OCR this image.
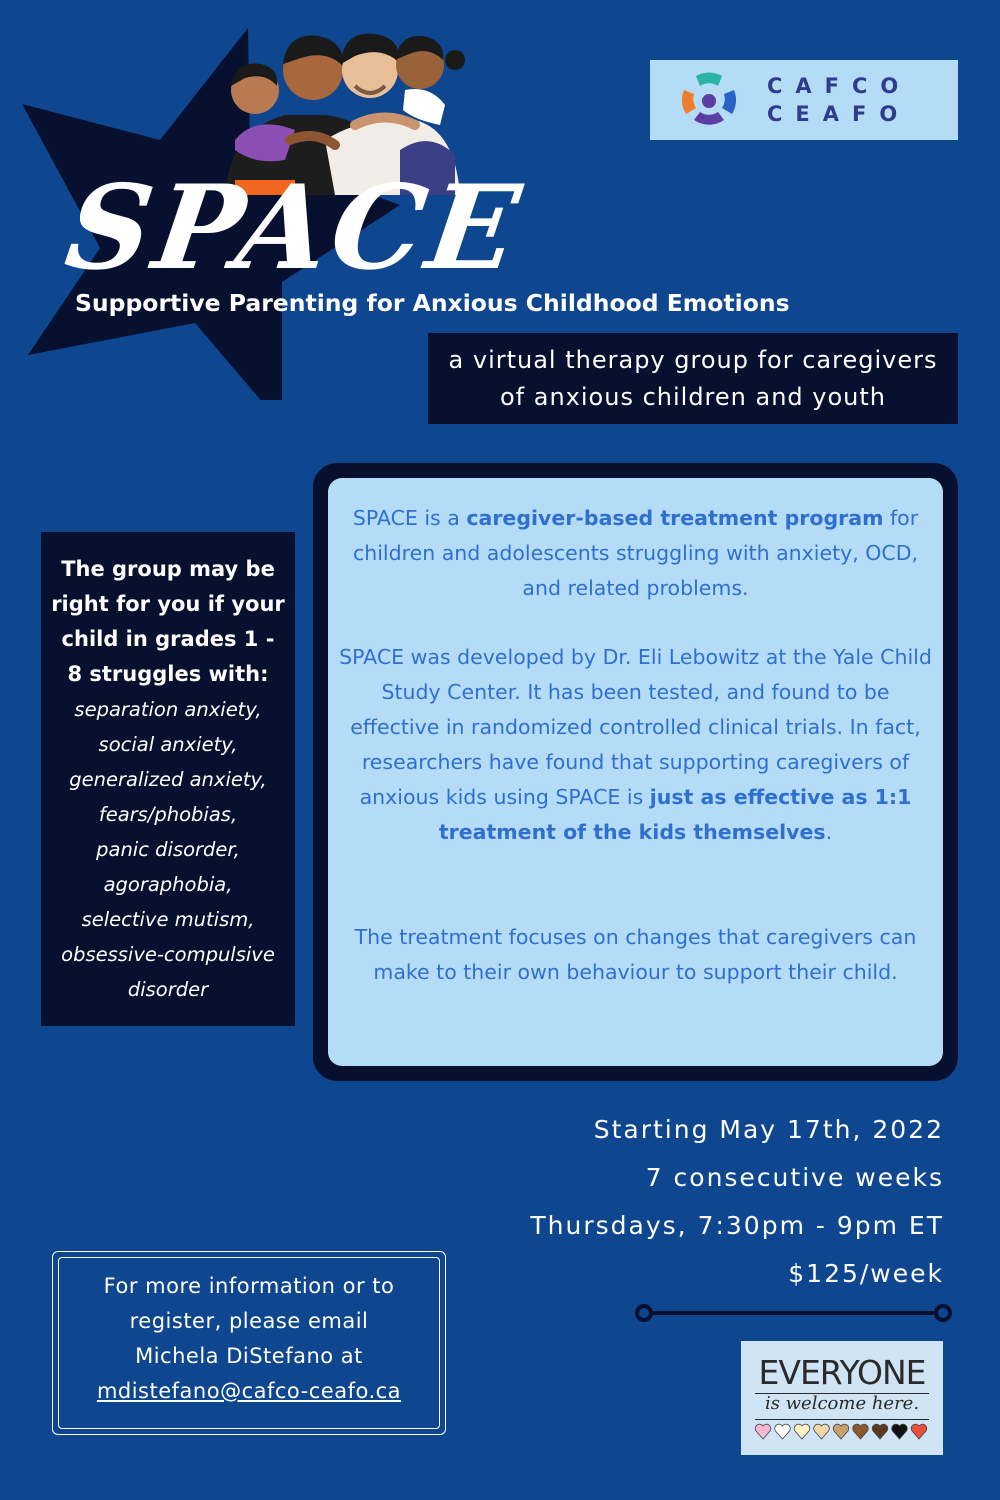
CAFCO
CEAFO
SPACE
Supportive Parenting for Anxious Childhood Emotions
a virtual therapy group for caregivers
of anxious children and youth
The group may be right for you if your child in grades 1 - 8 struggles with:
separation anxiety,
social anxiety,
generalized anxiety,
fears/phobias,
panic disorder,
agoraphobia,
selective mutism,
obsessive-compulsive
disorder

SPACE is a caregiver-based treatment program for children and adolescents struggling with anxiety, OCD, and related problems.

SPACE was developed by Dr. Eli Lebowitz at the Yale Child Study Center. It has been tested, and found to be effective in randomized controlled clinical trials. In fact, researchers have found that supporting caregivers of anxious kids using SPACE is just as effective as 1:1 treatment of the kids themselves.

The treatment focuses on changes that caregivers can make to their own behaviour to support their child.

Starting May 17th, 2022
7 consecutive weeks
Thursdays, 7:30pm - 9pm ET
$125/week
For more information or to
register, please email
Michela DiStefano at
mdistefano@cafco-ceafo.ca	EVERYONE
is welcome here.
